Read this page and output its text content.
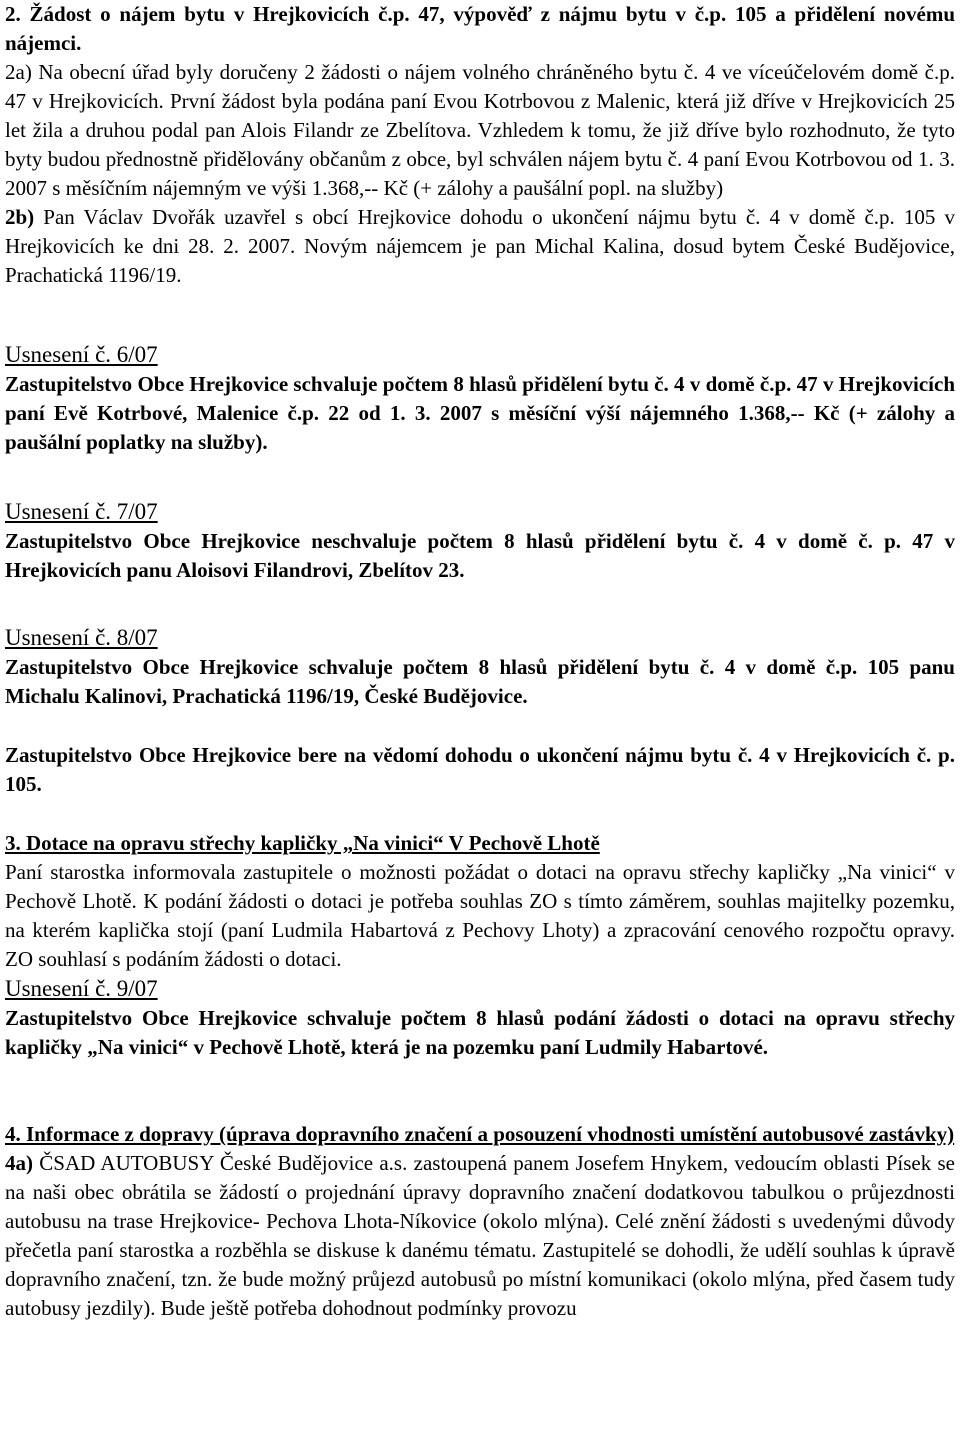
2. Žádost o nájem bytu v Hrejkovicích č.p. 47, výpověď z nájmu bytu v č.p. 105 a přidělení novému nájemci.

2a) Na obecní úřad byly doručeny 2 žádosti o nájem volného chráněného bytu č. 4 ve víceúčelovém domě č.p. 47 v Hrejkovicích. První žádost byla podána paní Evou Kotrbovou z Malenic, která již dříve v Hrejkovicích 25 let žila a druhou podal pan Alois Filandr ze Zbelítova. Vzhledem k tomu, že již dříve bylo rozhodnuto, že tyto byty budou přednostně přidělovány občanům z obce, byl schválen nájem bytu č. 4 paní Evou Kotrbovou od 1. 3. 2007 s měsíčním nájemným ve výši 1.368,-- Kč (+ zálohy a paušální popl. na služby)

2b) Pan Václav Dvořák uzavřel s obcí Hrejkovice dohodu o ukončení nájmu bytu č. 4 v domě č.p. 105 v Hrejkovicích ke dni 28. 2. 2007. Novým nájemcem je pan Michal Kalina, dosud bytem České Budějovice, Prachatická 1196/19.

Usnesení č. 6/07

Zastupitelstvo Obce Hrejkovice schvaluje počtem 8 hlasů přidělení bytu č. 4 v domě č.p. 47 v Hrejkovicích paní Evě Kotrbové, Malenice č.p. 22 od 1. 3. 2007 s měsíční výší nájemného 1.368,-- Kč (+ zálohy a paušální poplatky na služby).

Usnesení č. 7/07

Zastupitelstvo Obce Hrejkovice neschvaluje počtem 8 hlasů přidělení bytu č. 4 v domě č. p. 47 v Hrejkovicích panu Aloisovi Filandrovi, Zbelítov 23.

Usnesení č. 8/07

Zastupitelstvo Obce Hrejkovice schvaluje počtem 8 hlasů přidělení bytu č. 4 v domě č.p. 105 panu Michalu Kalinovi, Prachatická 1196/19, České Budějovice.

Zastupitelstvo Obce Hrejkovice bere na vědomí dohodu o ukončení nájmu bytu č. 4 v Hrejkovicích č. p. 105.

3. Dotace na opravu střechy kapličky „Na vinici“ V Pechově Lhotě

Paní starostka informovala zastupitele o možnosti požádat o dotaci na opravu střechy kapličky „Na vinici“ v Pechově Lhotě. K podání žádosti o dotaci je potřeba souhlas ZO s tímto záměrem, souhlas majitelky pozemku, na kterém kaplička stojí (paní Ludmila Habartová z Pechovy Lhoty) a zpracování cenového rozpočtu opravy. ZO souhlasí s podáním žádosti o dotaci.

Usnesení č. 9/07

Zastupitelstvo Obce Hrejkovice schvaluje počtem 8 hlasů podání žádosti o dotaci na opravu střechy kapličky „Na vinici“ v Pechově Lhotě, která je na pozemku paní Ludmily Habartové.

4. Informace z dopravy (úprava dopravního značení a posouzení vhodnosti umístění autobusové zastávky)

4a) ČSAD AUTOBUSY České Budějovice a.s. zastoupená panem Josefem Hnykem, vedoucím oblasti Písek se na naši obec obrátila se žádostí o projednání úpravy dopravního značení dodatkovou tabulkou o průjezdnosti autobusu na trase Hrejkovice- Pechova Lhota-Níkovice (okolo mlýna). Celé znění žádosti s uvedenými důvody přečetla paní starostka a rozběhla se diskuse k danému tématu. Zastupitelé se dohodli, že udělí souhlas k úpravě dopravního značení, tzn. že bude možný průjezd autobusů po místní komunikaci (okolo mlýna, před časem tudy autobusy jezdily). Bude ještě potřeba dohodnout podmínky provozu
